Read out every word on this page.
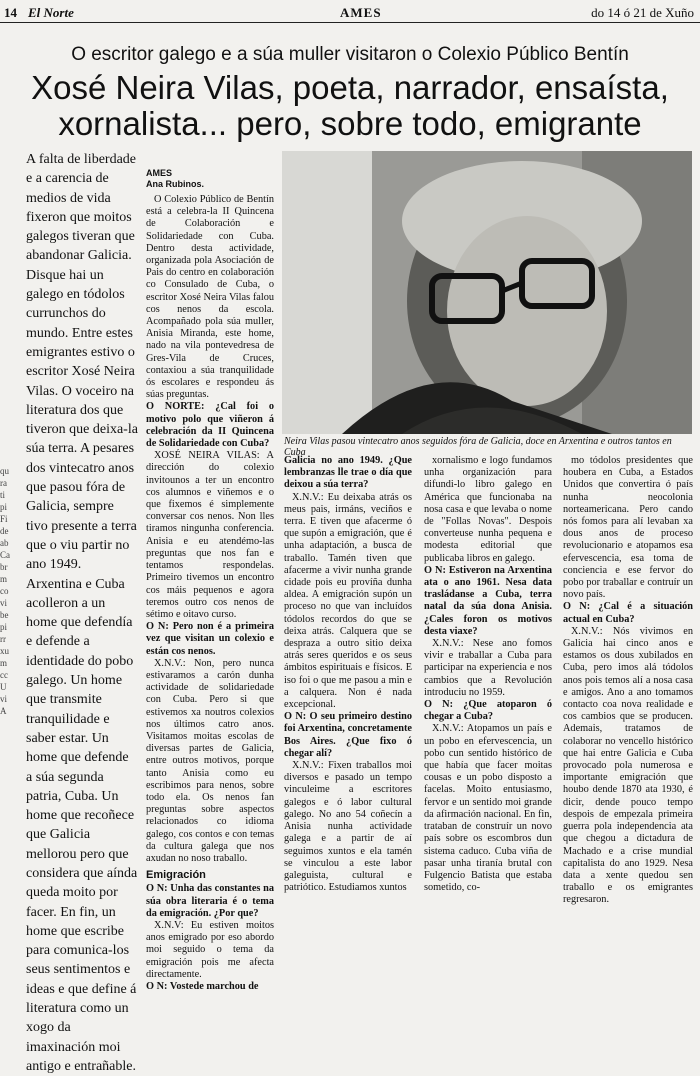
14 El Norte	AMES	do 14 ó 21 de Xuño
O escritor galego e a súa muller visitaron o Colexio Público Bentín
Xosé Neira Vilas, poeta, narrador, ensaísta,
xornalista... pero, sobre todo, emigrante
A falta de liberdade e a carencia de medios de vida fixeron que moitos galegos tiveran que abandonar Galicia. Disque hai un galego en tódolos currunchos do mundo. Entre estes emigrantes estivo o escritor Xosé Neira Vilas. O voceiro na literatura dos que tiveron que deixa-la súa terra. A pesares dos vintecatro anos que pasou fóra de Galicia, sempre tivo presente a terra que o viu partir no ano 1949. Arxentina e Cuba acolleron a un home que defendía e defende a identidade do pobo galego. Un home que transmite tranquilidade e saber estar. Un home que defende a súa segunda patria, Cuba. Un home que recoñece que Galicia mellorou pero que considera que aínda queda moito por facer. En fin, un home que escribe para comunica-los seus sentimentos e ideas e que define á literatura como un xogo da imaxinación moi antigo e entrañable.
qu
ra
ti
pi
Fi
de
ab
Ca
br
m
co
vi
be
pi
rr
xu
m
cc
U
vi
A
Neira Vilas pasou vintecatro anos seguidos fóra de Galicia, doce en Arxentina e outros tantos en Cuba
AMES
Ana Rubinos.

O Colexio Público de Bentín está a celebra-la II Quincena de Colaboración e Solidariedade con Cuba. Dentro desta actividade, organizada pola Asociación de Pais do centro en colaboración co Consulado de Cuba, o escritor Xosé Neira Vilas falou cos nenos da escola. Acompañado pola súa muller, Anisia Miranda, este home, nado na vila pontevedresa de Gres-Vila de Cruces, contaxiou a súa tranquilidade ós escolares e respondeu ás súas preguntas.

O NORTE: ¿Cal foi o motivo polo que viñeron á celebración da II Quincena de Solidariedade con Cuba?

XOSÉ NEIRA VILAS: A dirección do colexio invitounos a ter un encontro cos alumnos e viñemos e o que fixemos é simplemente conversar cos nenos. Non lles tiramos ningunha conferencia. Anisia e eu atendémo-las preguntas que nos fan e tentamos respondelas. Primeiro tivemos un encontro cos máis pequenos e agora teremos outro cos nenos de sétimo e oitavo curso.

O N: Pero non é a primeira vez que visitan un colexio e están cos nenos.

X.N.V.: Non, pero nunca estivaramos a carón dunha actividade de solidariedade con Cuba. Pero si que estivemos xa noutros colexios nos últimos catro anos. Visitamos moitas escolas de diversas partes de Galicia, entre outros motivos, porque tanto Anisia como eu escribimos para nenos, sobre todo ela. Os nenos fan preguntas sobre aspectos relacionados co idioma galego, cos contos e con temas da cultura galega que nos axudan no noso traballo.

Emigración

O N: Unha das constantes na súa obra literaria é o tema da emigración. ¿Por que?

X.N.V: Eu estiven moitos anos emigrado por eso abordo moi seguido o tema da emigración pois me afecta directamente.

O N: Vostede marchou de

Galicia no ano 1949. ¿Que lembranzas lle trae o día que deixou a súa terra?

X.N.V.: Eu deixaba atrás os meus pais, irmáns, veciños e terra. E tiven que afacerme ó que supón a emigración, que é unha adaptación, a busca de traballo. Tamén tiven que afacerme a vivir nunha grande cidade pois eu províña dunha aldea. A emigración supón un proceso no que van incluídos tódolos recordos do que se deixa atrás. Calquera que se despraza a outro sitio deixa atrás seres queridos e os seus ámbitos espirituais e físicos. E iso foi o que me pasou a min e a calquera. Non é nada excepcional.

O N: O seu primeiro destino foi Arxentina, concretamente Bos Aires. ¿Que fixo ó chegar alí?

X.N.V.: Fixen traballos moi diversos e pasado un tempo vinculeime a escritores galegos e ó labor cultural galego. No ano 54 coñecín a Anisia nunha actividade galega e a partir de aí seguimos xuntos e ela tamén se vinculou a este labor galeguista, cultural e patriótico. Estudiamos xuntos

xornalismo e logo fundamos unha organización para difundi-lo libro galego en América que funcionaba na nosa casa e que levaba o nome de "Follas Novas". Despois converteuse nunha pequena e modesta editorial que publicaba libros en galego.

O N: Estiveron na Arxentina ata o ano 1961. Nesa data trasládanse a Cuba, terra natal da súa dona Anisia. ¿Cales foron os motivos desta viaxe?

X.N.V.: Nese ano fomos vivir e traballar a Cuba para participar na experiencia e nos cambios que a Revolución introduciu no 1959.

O N: ¿Que atoparon ó chegar a Cuba?

X.N.V.: Atopamos un país e un pobo en efervescencia, un pobo cun sentido histórico de que había que facer moitas cousas e un pobo disposto a facelas. Moito entusiasmo, fervor e un sentido moi grande da afirmación nacional. En fin, trataban de construír un novo país sobre os escombros dun sistema caduco. Cuba viña de pasar unha tiranía brutal con Fulgencio Batista que estaba sometido, co-

mo tódolos presidentes que houbera en Cuba, a Estados Unidos que convertira ó país nunha neocolonia norteamericana. Pero cando nós fomos para alí levaban xa dous anos de proceso revolucionario e atopamos esa efervescencia, esa toma de conciencia e ese fervor do pobo por traballar e contruír un novo país.

O N: ¿Cal é a situación actual en Cuba?

X.N.V.: Nós vivimos en Galicia hai cinco anos e estamos os dous xubilados en Cuba, pero imos alá tódolos anos pois temos alí a nosa casa e amigos. Ano a ano tomamos contacto coa nova realidade e cos cambios que se producen. Ademais, tratamos de colaborar no vencello histórico que hai entre Galicia e Cuba provocado pola numerosa e importante emigración que houbo dende 1870 ata 1930, é dicir, dende pouco tempo despois de empezala primeira guerra pola independencia ata que chegou a dictadura de Machado e a crise mundial capitalista do ano 1929. Nesa data a xente quedou sen traballo e os emigrantes regresaron.
